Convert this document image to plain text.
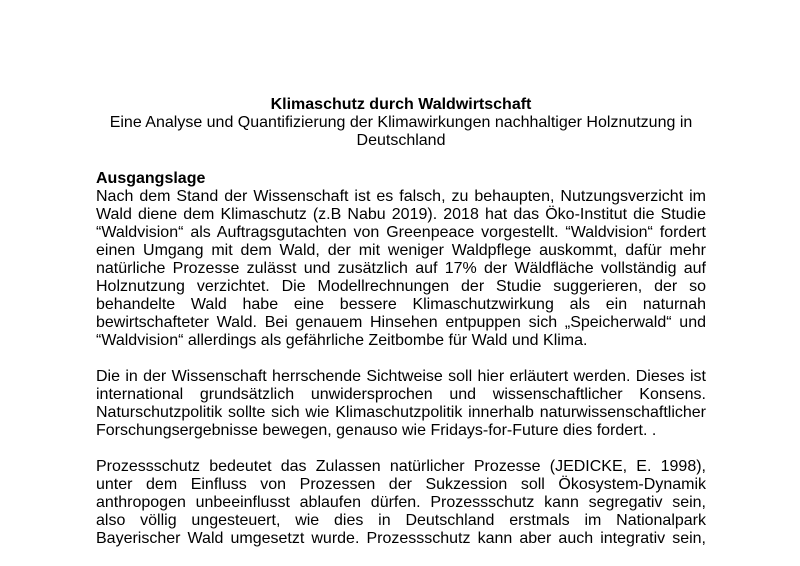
Klimaschutz durch Waldwirtschaft
Eine Analyse und Quantifizierung der Klimawirkungen nachhaltiger Holznutzung in
Deutschland
Ausgangslage
Nach dem Stand der Wissenschaft ist es falsch, zu behaupten, Nutzungsverzicht im
Wald diene dem Klimaschutz (z.B Nabu 2019). 2018 hat das Öko-Institut die Studie
“Waldvision“ als Auftragsgutachten von Greenpeace vorgestellt. “Waldvision“ fordert
einen Umgang mit dem Wald, der mit weniger Waldpflege auskommt, dafür mehr
natürliche Prozesse zulässt und zusätzlich auf 17% der Wäldfläche vollständig auf
Holznutzung verzichtet. Die Modellrechnungen der Studie suggerieren, der so
behandelte Wald habe eine bessere Klimaschutzwirkung als ein naturnah
bewirtschafteter Wald. Bei genauem Hinsehen entpuppen sich „Speicherwald“ und
“Waldvision“ allerdings als gefährliche Zeitbombe für Wald und Klima.
Die in der Wissenschaft herrschende Sichtweise soll hier erläutert werden. Dieses ist
international grundsätzlich unwidersprochen und wissenschaftlicher Konsens.
Naturschutzpolitik sollte sich wie Klimaschutzpolitik innerhalb naturwissenschaftlicher
Forschungsergebnisse bewegen, genauso wie Fridays-for-Future dies fordert. .
Prozessschutz bedeutet das Zulassen natürlicher Prozesse (JEDICKE, E. 1998),
unter dem Einfluss von Prozessen der Sukzession soll Ökosystem-Dynamik
anthropogen unbeeinflusst ablaufen dürfen. Prozessschutz kann segregativ sein,
also völlig ungesteuert, wie dies in Deutschland erstmals im Nationalpark
Bayerischer Wald umgesetzt wurde. Prozessschutz kann aber auch integrativ sein,
